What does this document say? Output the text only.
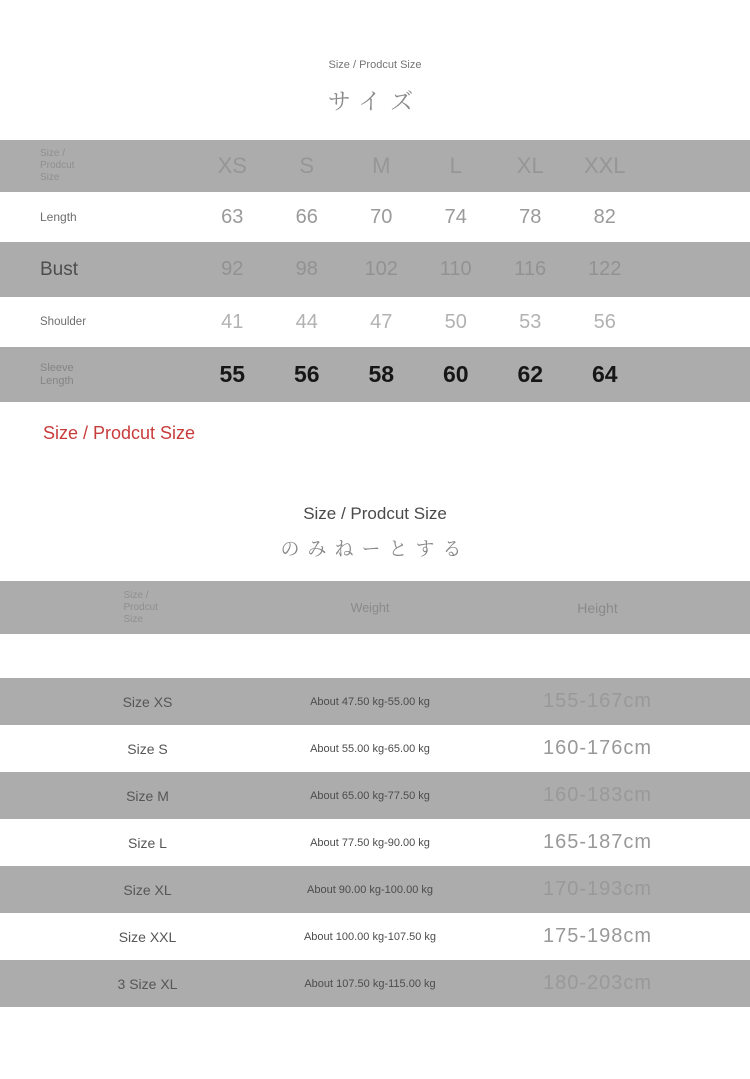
Size / Prodcut Size
サイズ
Size / Prodcut Size	XS S	M	L XL XXL
Length	63	66	70	74	78	82
Bust	92	98 102 110 116 122
Shoulder	41	44	47	50	53	56
Sleeve Length	55 56 58 60 62 64
Size / Prodcut Size
Size / Prodcut Size
のみねーとする
Size / Prodcut Size
Weight	Height
Size XS	About 47.50 kg-55.00 kg	155-167cm
Size S	About 55.00 kg-65.00 kg	160-176cm
Size M	About 65.00 kg-77.50 kg	160-183cm
Size L	About 77.50 kg-90.00 kg	165-187cm
Size XL	About 90.00 kg-100.00 kg	170-193cm
Size XXL	About 100.00 kg-107.50 kg	175-198cm
3 Size XL	About 107.50 kg-115.00 kg	180-203cm
